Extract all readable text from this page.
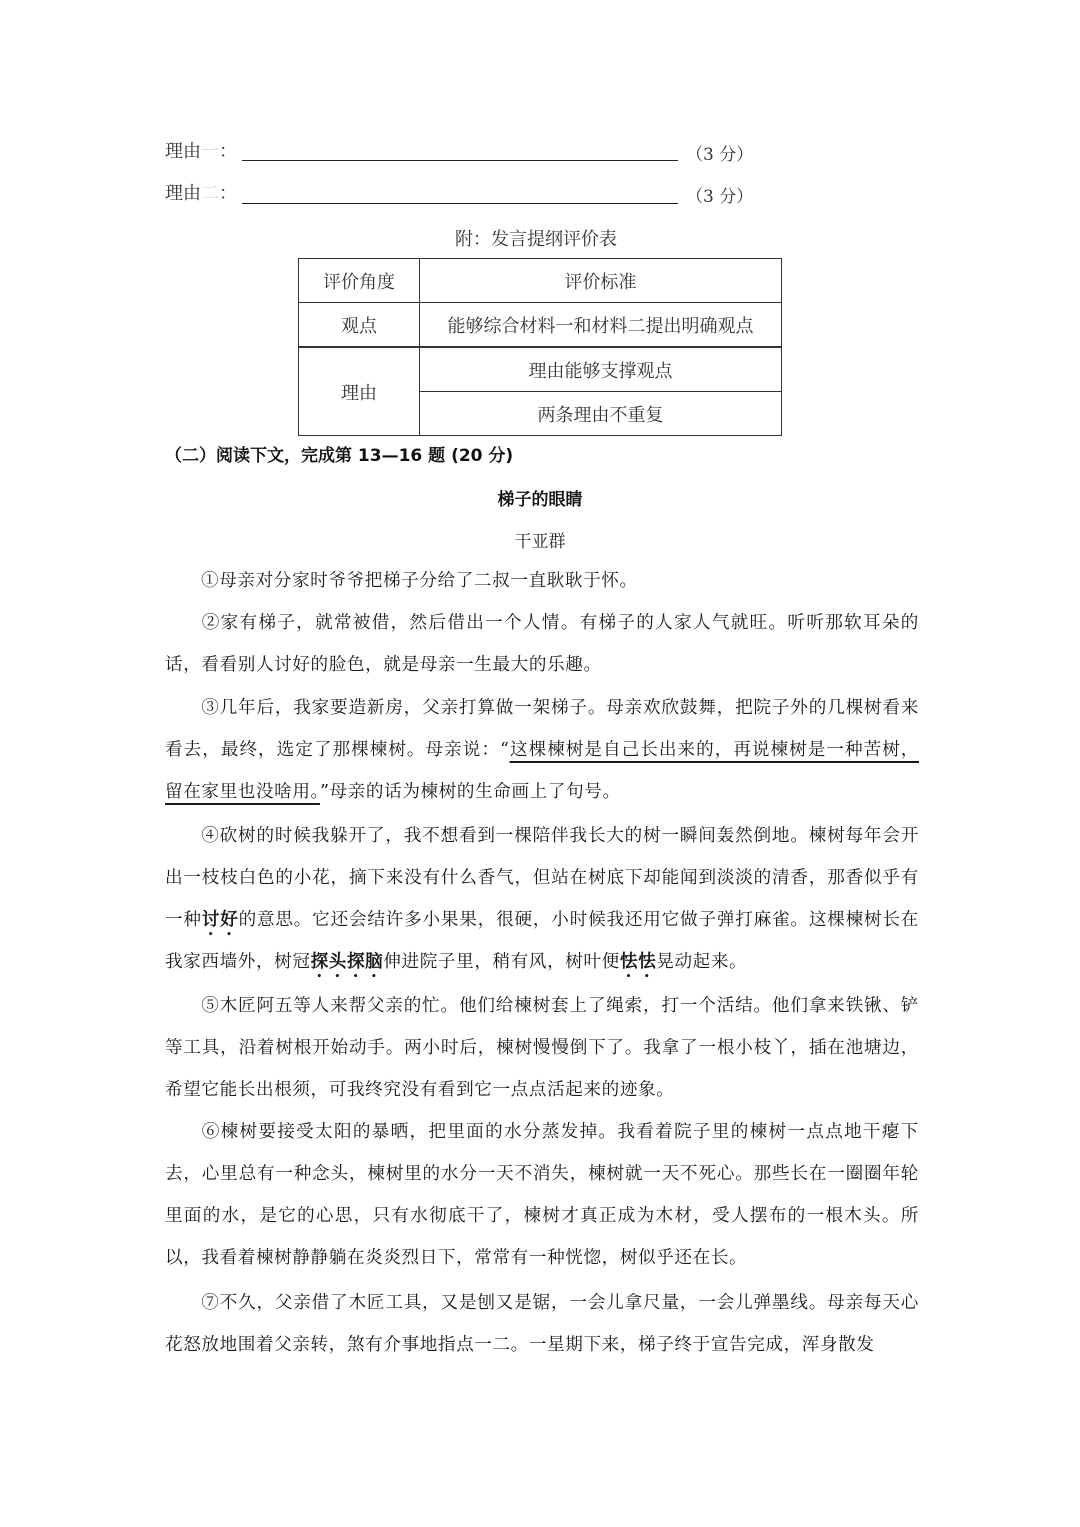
理由一：	（3 分）
理由二：	（3 分）
附：发言提纲评价表
评价角度	评价标准
观点	能够综合材料一和材料二提出明确观点
理由	理由能够支撑观点
	两条理由不重复
（二）阅读下文，完成第 13—16 题 (20 分)
梯子的眼睛
干亚群
①母亲对分家时爷爷把梯子分给了二叔一直耿耿于怀。
②家有梯子，就常被借，然后借出一个人情。有梯子的人家人气就旺。听听那软耳朵的话，看看别人讨好的脸色，就是母亲一生最大的乐趣。
③几年后，我家要造新房，父亲打算做一架梯子。母亲欢欣鼓舞，把院子外的几棵树看来看去，最终，选定了那棵楝树。母亲说：“这棵楝树是自己长出来的，再说楝树是一种苦树，留在家里也没啥用。”母亲的话为楝树的生命画上了句号。
④砍树的时候我躲开了，我不想看到一棵陪伴我长大的树一瞬间轰然倒地。楝树每年会开出一枝枝白色的小花，摘下来没有什么香气，但站在树底下却能闻到淡淡的清香，那香似乎有一种讨好的意思。它还会结许多小果果，很硬，小时候我还用它做子弹打麻雀。这棵楝树长在我家西墙外，树冠探头探脑伸进院子里，稍有风，树叶便怯怯晃动起来。
⑤木匠阿五等人来帮父亲的忙。他们给楝树套上了绳索，打一个活结。他们拿来铁锹、铲等工具，沿着树根开始动手。两小时后，楝树慢慢倒下了。我拿了一根小枝丫，插在池塘边，希望它能长出根须，可我终究没有看到它一点点活起来的迹象。
⑥楝树要接受太阳的暴晒，把里面的水分蒸发掉。我看着院子里的楝树一点点地干瘪下去，心里总有一种念头，楝树里的水分一天不消失，楝树就一天不死心。那些长在一圈圈年轮里面的水，是它的心思，只有水彻底干了，楝树才真正成为木材，受人摆布的一根木头。所以，我看着楝树静静躺在炎炎烈日下，常常有一种恍惚，树似乎还在长。
⑦不久，父亲借了木匠工具，又是刨又是锯，一会儿拿尺量，一会儿弹墨线。母亲每天心花怒放地围着父亲转，煞有介事地指点一二。一星期下来，梯子终于宣告完成，浑身散发
